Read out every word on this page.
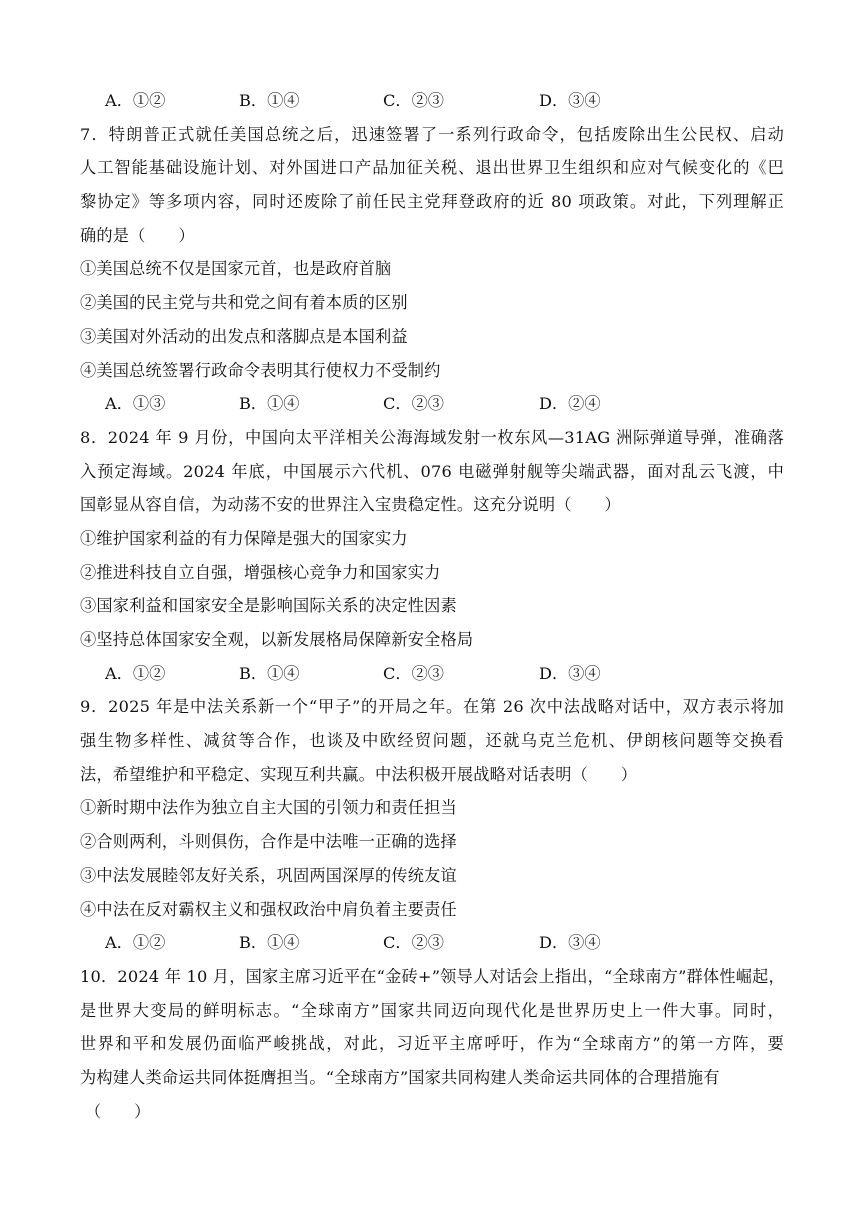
A．①②	B．①④	C．②③	D．③④
7．特朗普正式就任美国总统之后，迅速签署了一系列行政命令，包括废除出生公民权、启动
人工智能基础设施计划、对外国进口产品加征关税、退出世界卫生组织和应对气候变化的《巴
黎协定》等多项内容，同时还废除了前任民主党拜登政府的近 80 项政策。对此，下列理解正
确的是（　　）
①美国总统不仅是国家元首，也是政府首脑
②美国的民主党与共和党之间有着本质的区别
③美国对外活动的出发点和落脚点是本国利益
④美国总统签署行政命令表明其行使权力不受制约
A．①③	B．①④	C．②③	D．②④
8．2024 年 9 月份，中国向太平洋相关公海海域发射一枚东风—31AG 洲际弹道导弹，准确落
入预定海域。2024 年底，中国展示六代机、076 电磁弹射舰等尖端武器，面对乱云飞渡，中
国彰显从容自信，为动荡不安的世界注入宝贵稳定性。这充分说明（　　）
①维护国家利益的有力保障是强大的国家实力
②推进科技自立自强，增强核心竞争力和国家实力
③国家利益和国家安全是影响国际关系的决定性因素
④坚持总体国家安全观，以新发展格局保障新安全格局
A．①②	B．①④	C．②③	D．③④
9．2025 年是中法关系新一个“甲子”的开局之年。在第 26 次中法战略对话中，双方表示将加
强生物多样性、减贫等合作，也谈及中欧经贸问题，还就乌克兰危机、伊朗核问题等交换看
法，希望维护和平稳定、实现互利共赢。中法积极开展战略对话表明（　　）
①新时期中法作为独立自主大国的引领力和责任担当
②合则两利，斗则俱伤，合作是中法唯一正确的选择
③中法发展睦邻友好关系，巩固两国深厚的传统友谊
④中法在反对霸权主义和强权政治中肩负着主要责任
A．①②	B．①④	C．②③	D．③④
10．2024 年 10 月，国家主席习近平在“金砖+”领导人对话会上指出，“全球南方”群体性崛起，
是世界大变局的鲜明标志。“全球南方”国家共同迈向现代化是世界历史上一件大事。同时，
世界和平和发展仍面临严峻挑战，对此，习近平主席呼吁，作为“全球南方”的第一方阵，要
为构建人类命运共同体挺膺担当。“全球南方”国家共同构建人类命运共同体的合理措施有
（　　）
